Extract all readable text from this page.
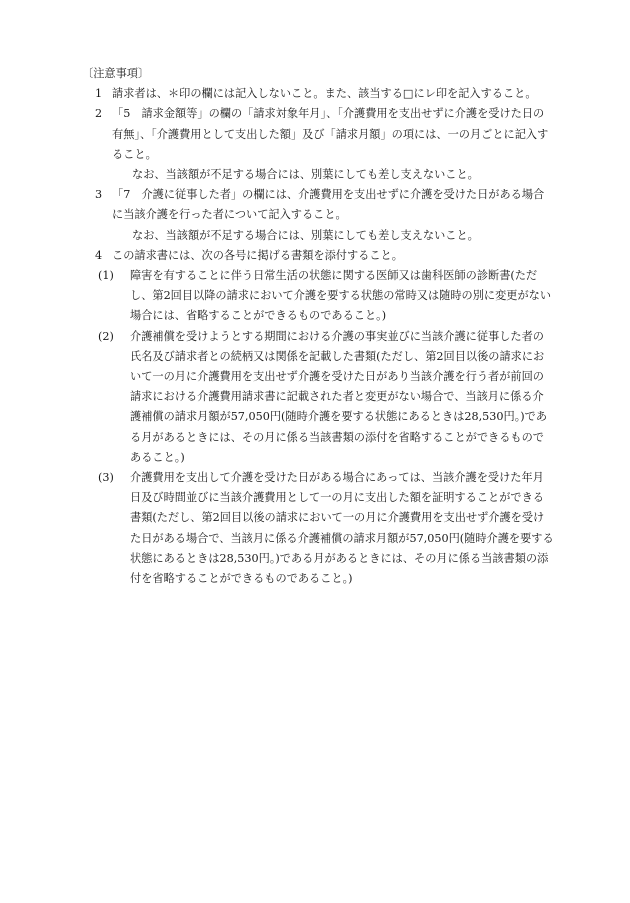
〔注意事項〕

1 請求者は、＊印の欄には記入しないこと。また、該当する□にレ印を記入すること。

2 「5　請求金額等」の欄の「請求対象年月」、「介護費用を支出せずに介護を受けた日の有無」、「介護費用として支出した額」及び「請求月額」の項には、一の月ごとに記入すること。

なお、当該額が不足する場合には、別葉にしても差し支えないこと。

3 「7　介護に従事した者」の欄には、介護費用を支出せずに介護を受けた日がある場合に当該介護を行った者について記入すること。

なお、当該額が不足する場合には、別葉にしても差し支えないこと。

4 この請求書には、次の各号に掲げる書類を添付すること。

(1) 障害を有することに伴う日常生活の状態に関する医師又は歯科医師の診断書(ただし、第2回目以降の請求において介護を要する状態の常時又は随時の別に変更がない場合には、省略することができるものであること。)

(2) 介護補償を受けようとする期間における介護の事実並びに当該介護に従事した者の氏名及び請求者との続柄又は関係を記載した書類(ただし、第2回目以後の請求において一の月に介護費用を支出せず介護を受けた日があり当該介護を行う者が前回の請求における介護費用請求書に記載された者と変更がない場合で、当該月に係る介護補償の請求月額が57,050円(随時介護を要する状態にあるときは28,530円。)である月があるときには、その月に係る当該書類の添付を省略することができるものであること。)

(3) 介護費用を支出して介護を受けた日がある場合にあっては、当該介護を受けた年月日及び時間並びに当該介護費用として一の月に支出した額を証明することができる書類(ただし、第2回目以後の請求において一の月に介護費用を支出せず介護を受けた日がある場合で、当該月に係る介護補償の請求月額が57,050円(随時介護を要する状態にあるときは28,530円。)である月があるときには、その月に係る当該書類の添付を省略することができるものであること。)
